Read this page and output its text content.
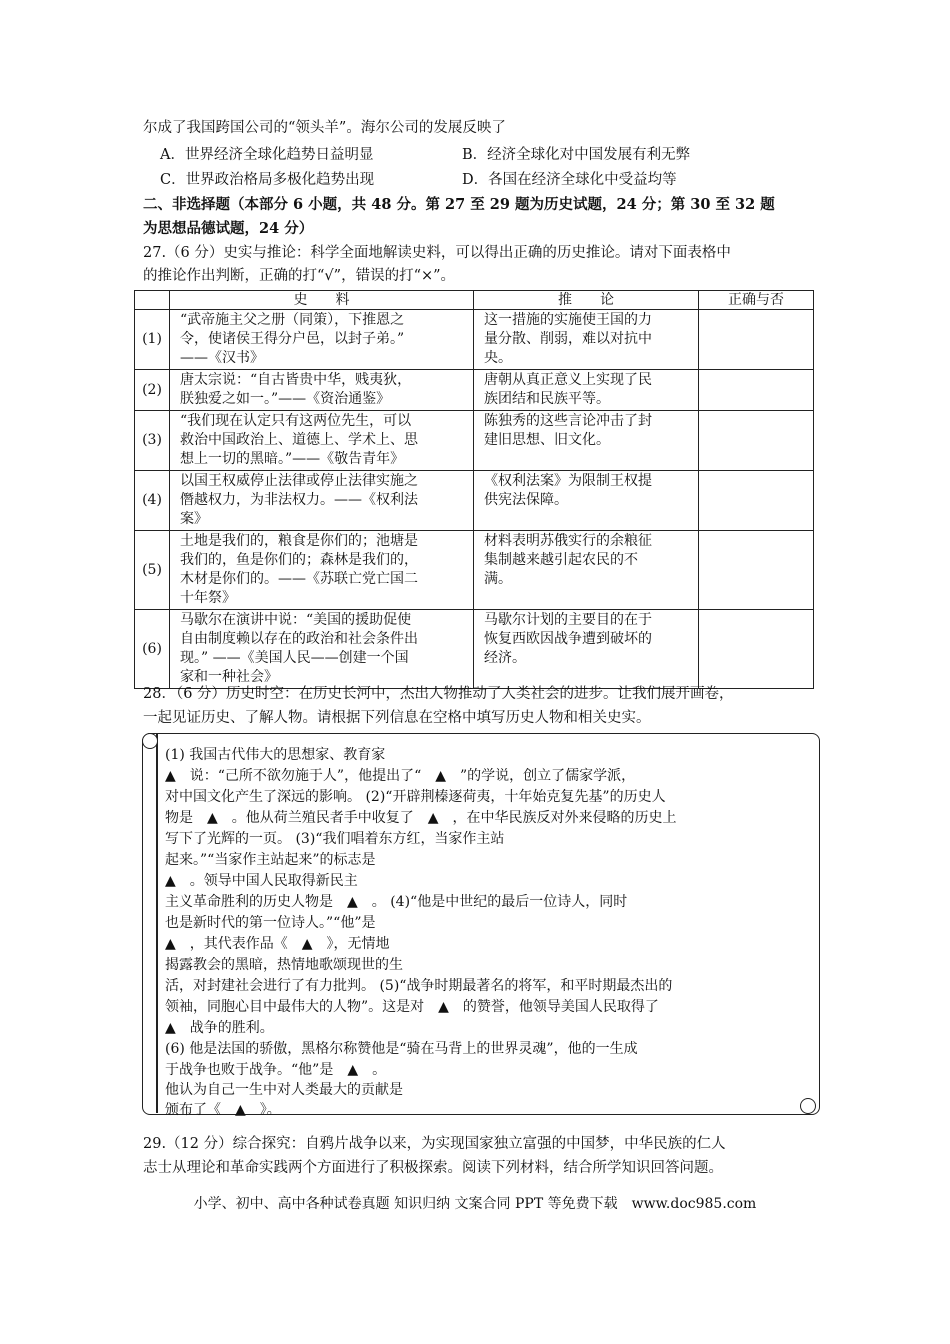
尔成了我国跨国公司的“领头羊”。海尔公司的发展反映了
A．世界经济全球化趋势日益明显	B．经济全球化对中国发展有利无弊
C．世界政治格局多极化趋势出现	D．各国在经济全球化中受益均等
二、非选择题（本部分 6 小题，共 48 分。第 27 至 29 题为历史试题，24 分；第 30 至 32 题
为思想品德试题，24 分）
27.（6 分）史实与推论：科学全面地解读史料，可以得出正确的历史推论。请对下面表格中
的推论作出判断，正确的打“√”，错误的打“×”。
	史　　料	推　　论	正确与否
(1)	“武帝施主父之册（同策），下推恩之
令，使诸侯王得分户邑，以封子弟。”
——《汉书》	这一措施的实施使王国的力
量分散、削弱，难以对抗中
央。	

(2)	唐太宗说：“自古皆贵中华，贱夷狄，
朕独爱之如一。”——《资治通鉴》	唐朝从真正意义上实现了民
族团结和民族平等。	

(3)	“我们现在认定只有这两位先生，可以
救治中国政治上、道德上、学术上、思
想上一切的黑暗。”——《敬告青年》	陈独秀的这些言论冲击了封
建旧思想、旧文化。	

(4)	以国王权威停止法律或停止法律实施之
僭越权力，为非法权力。——《权利法
案》	《权利法案》为限制王权提
供宪法保障。	

(5)	土地是我们的，粮食是你们的；池塘是
我们的，鱼是你们的；森林是我们的，
木材是你们的。——《苏联亡党亡国二
十年祭》	材料表明苏俄实行的余粮征
集制越来越引起农民的不
满。	

(6)	马歇尔在演讲中说：“美国的援助促使
自由制度赖以存在的政治和社会条件出
现。” ——《美国人民——创建一个国
家和一种社会》	马歇尔计划的主要目的在于
恢复西欧因战争遭到破坏的
经济。	

28．（6 分）历史时空：在历史长河中，杰出人物推动了人类社会的进步。让我们展开画卷，
一起见证历史、了解人物。请根据下列信息在空格中填写历史人物和相关史实。
(1) 我国古代伟大的思想家、教育家
▲　说：“己所不欲勿施于人”，他提出了“　▲　”的学说，创立了儒家学派，
对中国文化产生了深远的影响。 (2)“开辟荆榛逐荷夷，十年始克复先基”的历史人
物是　▲　。他从荷兰殖民者手中收复了　▲　，在中华民族反对外来侵略的历史上
写下了光辉的一页。 (3)“我们唱着东方红，当家作主站
起来。”“当家作主站起来”的标志是
▲　。领导中国人民取得新民主
主义革命胜利的历史人物是　▲　。 (4)“他是中世纪的最后一位诗人，同时
也是新时代的第一位诗人。”“他”是
▲　，其代表作品《　▲　》，无情地
揭露教会的黑暗，热情地歌颂现世的生
活，对封建社会进行了有力批判。 (5)“战争时期最著名的将军，和平时期最杰出的
领袖，同胞心目中最伟大的人物”。这是对　▲　的赞誉，他领导美国人民取得了
▲　战争的胜利。
(6) 他是法国的骄傲，黑格尔称赞他是“骑在马背上的世界灵魂”，他的一生成
于战争也败于战争。“他”是　▲　。
他认为自己一生中对人类最大的贡献是
颁布了《　▲　》。
29.（12 分）综合探究：自鸦片战争以来，为实现国家独立富强的中国梦，中华民族的仁人
志士从理论和革命实践两个方面进行了积极探索。阅读下列材料，结合所学知识回答问题。
小学、初中、高中各种试卷真题 知识归纳 文案合同 PPT 等免费下载　www.doc985.com
